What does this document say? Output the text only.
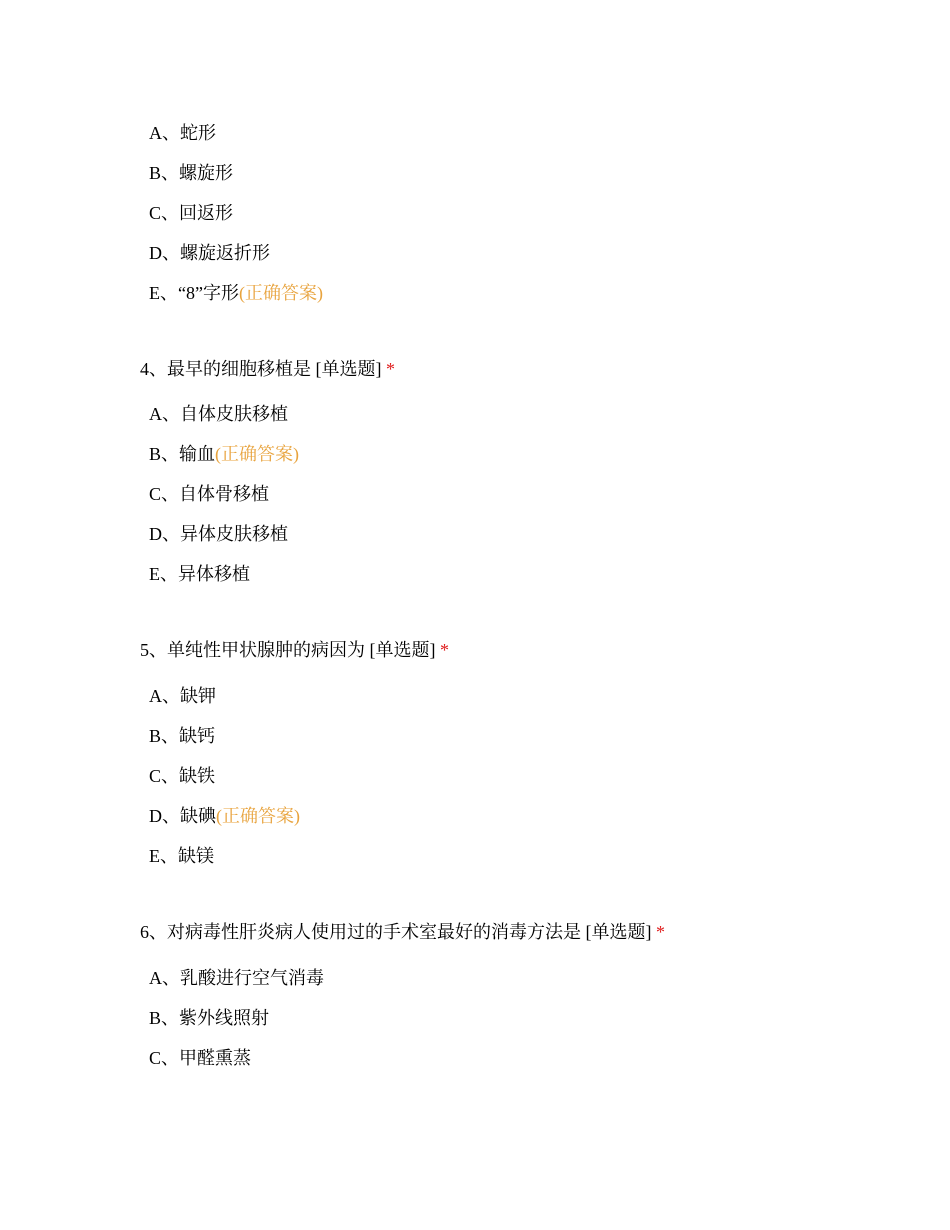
A、蛇形
B、螺旋形
C、回返形
D、螺旋返折形
E、“8”字形(正确答案)
4、最早的细胞移植是 [单选题] *
A、自体皮肤移植
B、输血(正确答案)
C、自体骨移植
D、异体皮肤移植
E、异体移植
5、单纯性甲状腺肿的病因为 [单选题] *
A、缺钾
B、缺钙
C、缺铁
D、缺碘(正确答案)
E、缺镁
6、对病毒性肝炎病人使用过的手术室最好的消毒方法是 [单选题] *
A、乳酸进行空气消毒
B、紫外线照射
C、甲醛熏蒸
